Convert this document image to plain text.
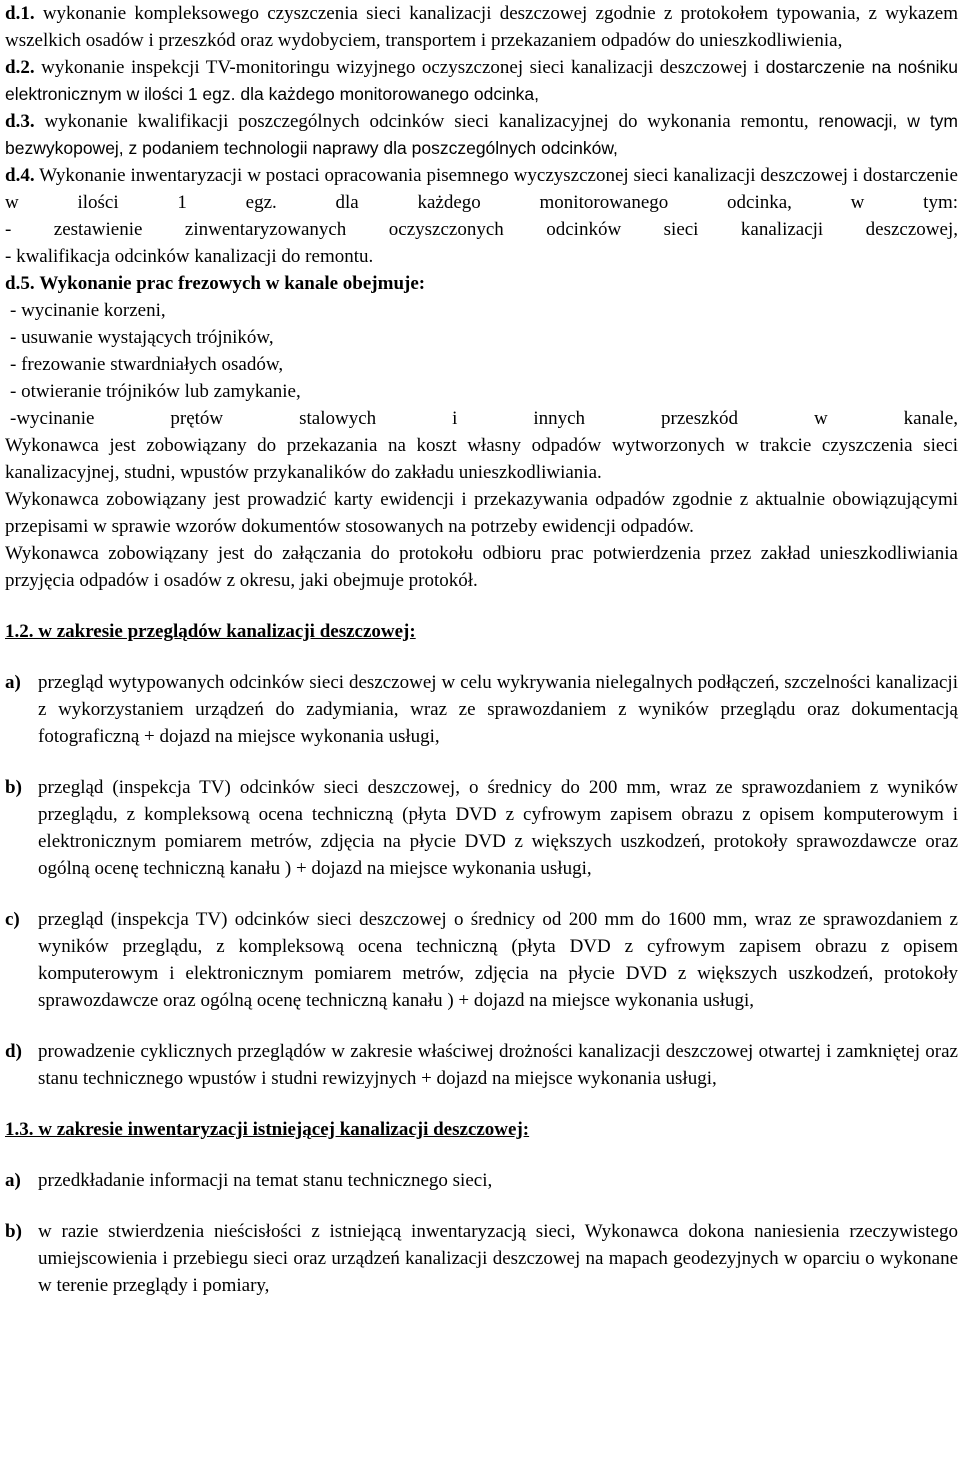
d.1. wykonanie kompleksowego czyszczenia sieci kanalizacji deszczowej zgodnie z protokołem typowania, z wykazem wszelkich osadów i przeszkód oraz wydobyciem, transportem i przekazaniem odpadów do unieszkodliwienia,

d.2. wykonanie inspekcji TV-monitoringu wizyjnego oczyszczonej sieci kanalizacji deszczowej i dostarczenie na nośniku elektronicznym w ilości 1 egz. dla każdego monitorowanego odcinka,

d.3. wykonanie kwalifikacji poszczególnych odcinków sieci kanalizacyjnej do wykonania remontu, renowacji, w tym bezwykopowej, z podaniem technologii naprawy dla poszczególnych odcinków,

d.4. Wykonanie inwentaryzacji w postaci opracowania pisemnego wyczyszczonej sieci kanalizacji deszczowej i dostarczenie w ilości 1 egz. dla każdego monitorowanego odcinka, w tym:

- zestawienie zinwentaryzowanych oczyszczonych odcinków sieci kanalizacji deszczowej,

- kwalifikacja odcinków kanalizacji do remontu.

d.5. Wykonanie prac frezowych w kanale obejmuje:

- wycinanie korzeni,
- usuwanie wystających trójników,
- frezowanie stwardniałych osadów,
- otwieranie trójników lub zamykanie,
-wycinanie prętów stalowych i innych przeszkód w kanale,

Wykonawca jest zobowiązany do przekazania na koszt własny odpadów wytworzonych w trakcie czyszczenia sieci kanalizacyjnej, studni, wpustów przykanalików do zakładu unieszkodliwiania.

Wykonawca zobowiązany jest prowadzić karty ewidencji i przekazywania odpadów zgodnie z aktualnie obowiązującymi przepisami w sprawie wzorów dokumentów stosowanych na potrzeby ewidencji odpadów.

Wykonawca zobowiązany jest do załączania do protokołu odbioru prac potwierdzenia przez zakład unieszkodliwiania przyjęcia odpadów i osadów z okresu, jaki obejmuje protokół.

1.2. w zakresie przeglądów kanalizacji deszczowej:

a) przegląd wytypowanych odcinków sieci deszczowej w celu wykrywania nielegalnych podłączeń, szczelności kanalizacji z wykorzystaniem urządzeń do zadymiania, wraz ze sprawozdaniem z wyników przeglądu oraz dokumentacją fotograficzną + dojazd na miejsce wykonania usługi,
b) przegląd (inspekcja TV) odcinków sieci deszczowej, o średnicy do 200 mm, wraz ze sprawozdaniem z wyników przeglądu, z kompleksową ocena techniczną (płyta DVD z cyfrowym zapisem obrazu z opisem komputerowym i elektronicznym pomiarem metrów, zdjęcia na płycie DVD z większych uszkodzeń, protokoły sprawozdawcze oraz ogólną ocenę techniczną kanału ) + dojazd na miejsce wykonania usługi,
c) przegląd (inspekcja TV) odcinków sieci deszczowej o średnicy od 200 mm do 1600 mm, wraz ze sprawozdaniem z wyników przeglądu, z kompleksową ocena techniczną (płyta DVD z cyfrowym zapisem obrazu z opisem komputerowym i elektronicznym pomiarem metrów, zdjęcia na płycie DVD z większych uszkodzeń, protokoły sprawozdawcze oraz ogólną ocenę techniczną kanału ) + dojazd na miejsce wykonania usługi,
d) prowadzenie cyklicznych przeglądów w zakresie właściwej drożności kanalizacji deszczowej otwartej i zamkniętej oraz stanu technicznego wpustów i studni rewizyjnych + dojazd na miejsce wykonania usługi,

1.3. w zakresie inwentaryzacji istniejącej kanalizacji deszczowej:

a) przedkładanie informacji na temat stanu technicznego sieci,
b) w razie stwierdzenia nieścisłości z istniejącą inwentaryzacją sieci, Wykonawca dokona naniesienia rzeczywistego umiejscowienia i przebiegu sieci oraz urządzeń kanalizacji deszczowej na mapach geodezyjnych w oparciu o wykonane w terenie przeglądy i pomiary,
